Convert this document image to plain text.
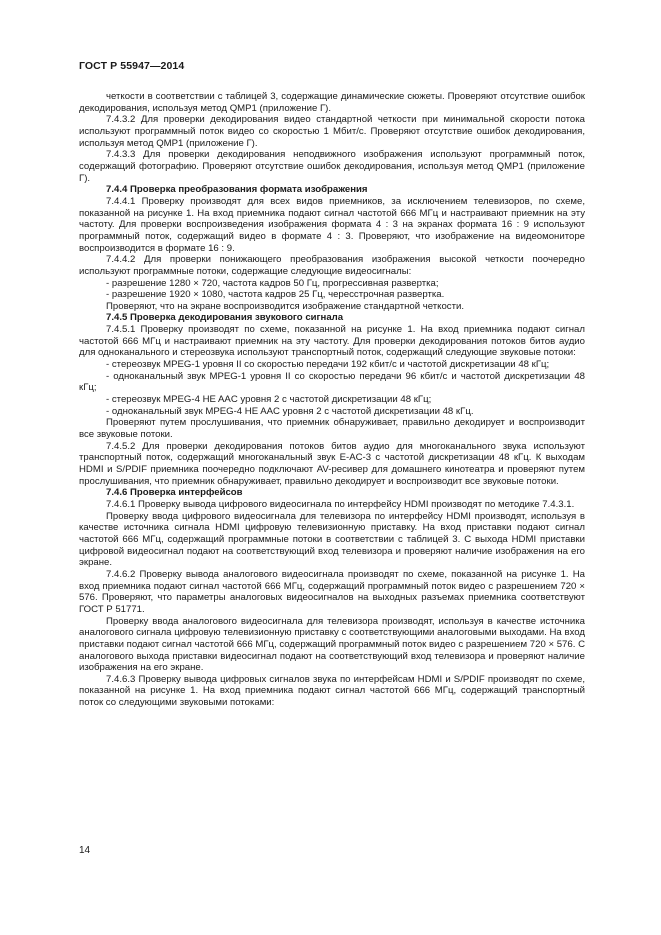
ГОСТ Р 55947—2014

четкости в соответствии с таблицей 3, содержащие динамические сюжеты. Проверяют отсутствие ошибок декодирования, используя метод QMP1 (приложение Г).

7.4.3.2 Для проверки декодирования видео стандартной четкости при минимальной скорости потока используют программный поток видео со скоростью 1 Мбит/с. Проверяют отсутствие ошибок декодирования, используя метод QMP1 (приложение Г).

7.4.3.3 Для проверки декодирования неподвижного изображения используют программный поток, содержащий фотографию. Проверяют отсутствие ошибок декодирования, используя метод QMP1 (приложение Г).

7.4.4 Проверка преобразования формата изображения

7.4.4.1 Проверку производят для всех видов приемников, за исключением телевизоров, по схеме, показанной на рисунке 1. На вход приемника подают сигнал частотой 666 МГц и настраивают приемник на эту частоту. Для проверки воспроизведения изображения формата 4 : 3 на экранах формата 16 : 9 используют программный поток, содержащий видео в формате 4 : 3. Проверяют, что изображение на видеомониторе воспроизводится в формате 16 : 9.

7.4.4.2 Для проверки понижающего преобразования изображения высокой четкости поочередно используют программные потоки, содержащие следующие видеосигналы:

- разрешение 1280 × 720, частота кадров 50 Гц, прогрессивная развертка;

- разрешение 1920 × 1080, частота кадров 25 Гц, чересстрочная развертка.

Проверяют, что на экране воспроизводится изображение стандартной четкости.

7.4.5 Проверка декодирования звукового сигнала

7.4.5.1 Проверку производят по схеме, показанной на рисунке 1. На вход приемника подают сигнал частотой 666 МГц и настраивают приемник на эту частоту. Для проверки декодирования потоков битов аудио для одноканального и стереозвука используют транспортный поток, содержащий следующие звуковые потоки:

- стереозвук MPEG-1 уровня II со скоростью передачи 192 кбит/с и частотой дискретизации 48 кГц;

- одноканальный звук MPEG-1 уровня II со скоростью передачи 96 кбит/с и частотой дискретизации 48 кГц;

- стереозвук MPEG-4 HE AAC уровня 2 с частотой дискретизации 48 кГц;

- одноканальный звук MPEG-4 HE AAC уровня 2 с частотой дискретизации 48 кГц.

Проверяют путем прослушивания, что приемник обнаруживает, правильно декодирует и воспроизводит все звуковые потоки.

7.4.5.2 Для проверки декодирования потоков битов аудио для многоканального звука используют транспортный поток, содержащий многоканальный звук E-AC-3 с частотой дискретизации 48 кГц. К выходам HDMI и S/PDIF приемника поочередно подключают AV-ресивер для домашнего кинотеатра и проверяют путем прослушивания, что приемник обнаруживает, правильно декодирует и воспроизводит все звуковые потоки.

7.4.6 Проверка интерфейсов

7.4.6.1 Проверку вывода цифрового видеосигнала по интерфейсу HDMI производят по методике 7.4.3.1.

Проверку ввода цифрового видеосигнала для телевизора по интерфейсу HDMI производят, используя в качестве источника сигнала HDMI цифровую телевизионную приставку. На вход приставки подают сигнал частотой 666 МГц, содержащий программные потоки в соответствии с таблицей 3. С выхода HDMI приставки цифровой видеосигнал подают на соответствующий вход телевизора и проверяют наличие изображения на его экране.

7.4.6.2 Проверку вывода аналогового видеосигнала производят по схеме, показанной на рисунке 1. На вход приемника подают сигнал частотой 666 МГц, содержащий программный поток видео с разрешением 720 × 576. Проверяют, что параметры аналоговых видеосигналов на выходных разъемах приемника соответствуют ГОСТ Р 51771.

Проверку ввода аналогового видеосигнала для телевизора производят, используя в качестве источника аналогового сигнала цифровую телевизионную приставку с соответствующими аналоговыми выходами. На вход приставки подают сигнал частотой 666 МГц, содержащий программный поток видео с разрешением 720 × 576. С аналогового выхода приставки видеосигнал подают на соответствующий вход телевизора и проверяют наличие изображения на его экране.

7.4.6.3 Проверку вывода цифровых сигналов звука по интерфейсам HDMI и S/PDIF производят по схеме, показанной на рисунке 1. На вход приемника подают сигнал частотой 666 МГц, содержащий транспортный поток со следующими звуковыми потоками:

14
